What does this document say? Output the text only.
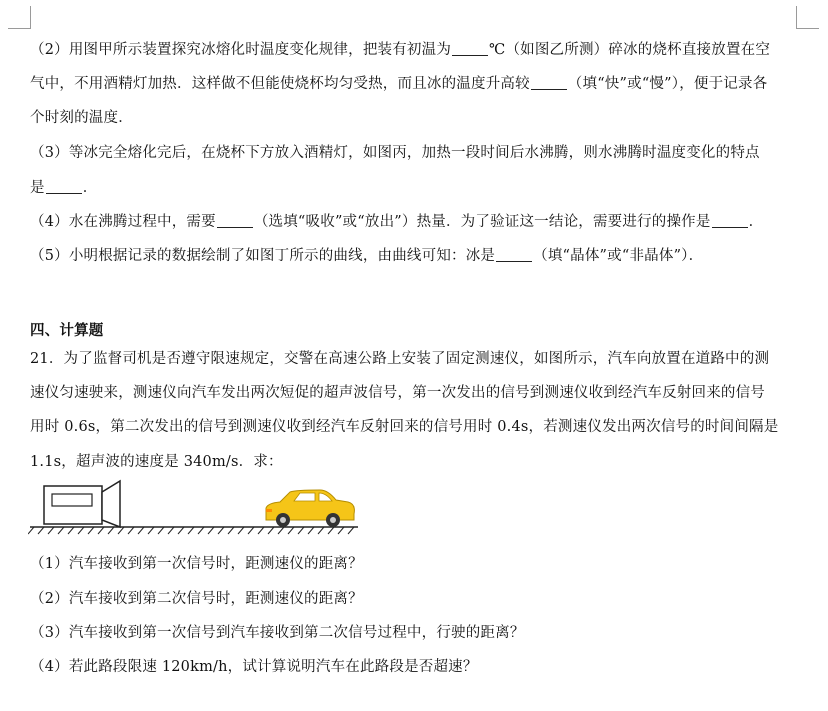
（2）用图甲所示装置探究冰熔化时温度变化规律，把装有初温为	℃（如图乙所测）碎冰的烧杯直接放置在空
气中，不用酒精灯加热．这样做不但能使烧杯均匀受热，而且冰的温度升高较	（填“快”或“慢”），便于记录各
个时刻的温度．
（3）等冰完全熔化完后，在烧杯下方放入酒精灯，如图丙，加热一段时间后水沸腾，则水沸腾时温度变化的特点
是	．
（4）水在沸腾过程中，需要	（选填“吸收”或“放出”）热量．为了验证这一结论，需要进行的操作是	．
（5）小明根据记录的数据绘制了如图丁所示的曲线，由曲线可知：冰是	（填“晶体”或“非晶体”）．
四、计算题
21．为了监督司机是否遵守限速规定，交警在高速公路上安装了固定测速仪，如图所示，汽车向放置在道路中的测
速仪匀速驶来，测速仪向汽车发出两次短促的超声波信号，第一次发出的信号到测速仪收到经汽车反射回来的信号
用时 0.6s，第二次发出的信号到测速仪收到经汽车反射回来的信号用时 0.4s，若测速仪发出两次信号的时间间隔是
1.1s，超声波的速度是 340m/s．求：
（1）汽车接收到第一次信号时，距测速仪的距离？
（2）汽车接收到第二次信号时，距测速仪的距离？
（3）汽车接收到第一次信号到汽车接收到第二次信号过程中，行驶的距离？
（4）若此路段限速 120km/h，试计算说明汽车在此路段是否超速？
